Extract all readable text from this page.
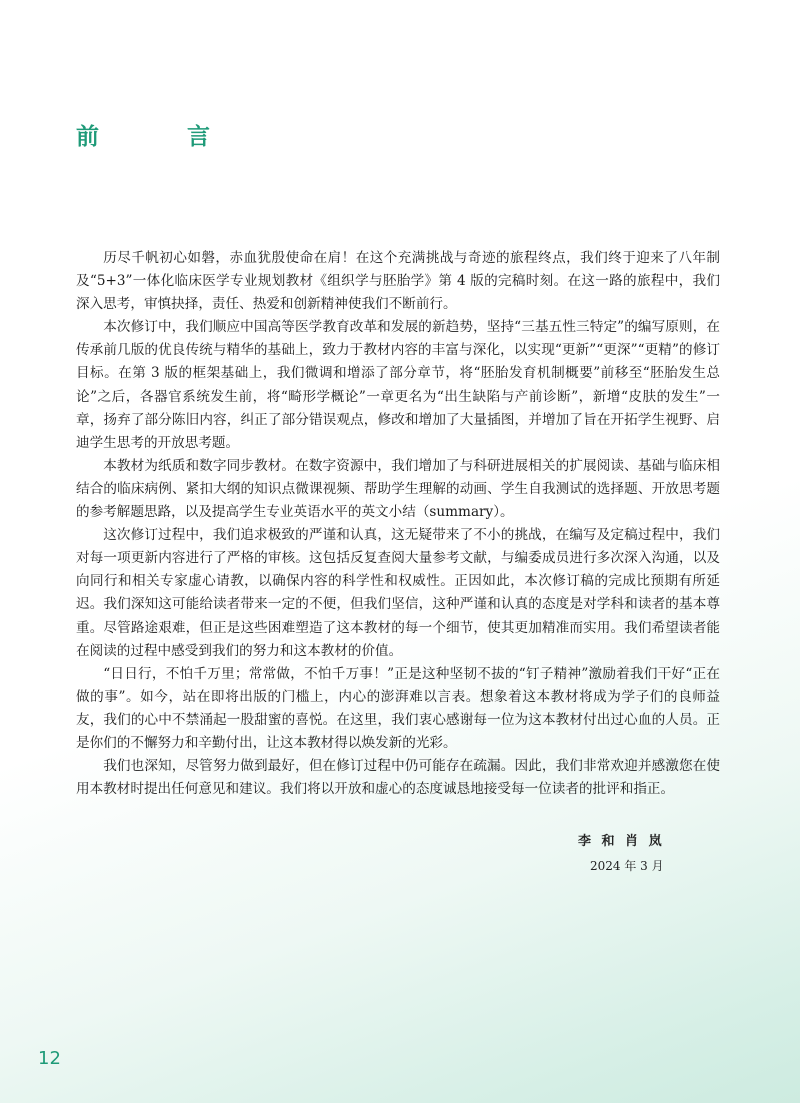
前 言

历尽千帆初心如磐，赤血犹殷使命在肩！在这个充满挑战与奇迹的旅程终点，我们终于迎来了八年制及“5+3”一体化临床医学专业规划教材《组织学与胚胎学》第 4 版的完稿时刻。在这一路的旅程中，我们深入思考，审慎抉择，责任、热爱和创新精神使我们不断前行。

本次修订中，我们顺应中国高等医学教育改革和发展的新趋势，坚持“三基五性三特定”的编写原则，在传承前几版的优良传统与精华的基础上，致力于教材内容的丰富与深化，以实现“更新”“更深”“更精”的修订目标。在第 3 版的框架基础上，我们微调和增添了部分章节，将“胚胎发育机制概要”前移至“胚胎发生总论”之后，各器官系统发生前，将“畸形学概论”一章更名为“出生缺陷与产前诊断”，新增“皮肤的发生”一章，扬弃了部分陈旧内容，纠正了部分错误观点，修改和增加了大量插图，并增加了旨在开拓学生视野、启迪学生思考的开放思考题。

本教材为纸质和数字同步教材。在数字资源中，我们增加了与科研进展相关的扩展阅读、基础与临床相结合的临床病例、紧扣大纲的知识点微课视频、帮助学生理解的动画、学生自我测试的选择题、开放思考题的参考解题思路，以及提高学生专业英语水平的英文小结（summary）。

这次修订过程中，我们追求极致的严谨和认真，这无疑带来了不小的挑战，在编写及定稿过程中，我们对每一项更新内容进行了严格的审核。这包括反复查阅大量参考文献，与编委成员进行多次深入沟通，以及向同行和相关专家虚心请教，以确保内容的科学性和权威性。正因如此，本次修订稿的完成比预期有所延迟。我们深知这可能给读者带来一定的不便，但我们坚信，这种严谨和认真的态度是对学科和读者的基本尊重。尽管路途艰难，但正是这些困难塑造了这本教材的每一个细节，使其更加精准而实用。我们希望读者能在阅读的过程中感受到我们的努力和这本教材的价值。

“日日行，不怕千万里；常常做，不怕千万事！”正是这种坚韧不拔的“钉子精神”激励着我们干好“正在做的事”。如今，站在即将出版的门槛上，内心的澎湃难以言表。想象着这本教材将成为学子们的良师益友，我们的心中不禁涌起一股甜蜜的喜悦。在这里，我们衷心感谢每一位为这本教材付出过心血的人员。正是你们的不懈努力和辛勤付出，让这本教材得以焕发新的光彩。

我们也深知，尽管努力做到最好，但在修订过程中仍可能存在疏漏。因此，我们非常欢迎并感激您在使用本教材时提出任何意见和建议。我们将以开放和虚心的态度诚恳地接受每一位读者的批评和指正。

李 和 肖 岚
2024 年 3 月
12
